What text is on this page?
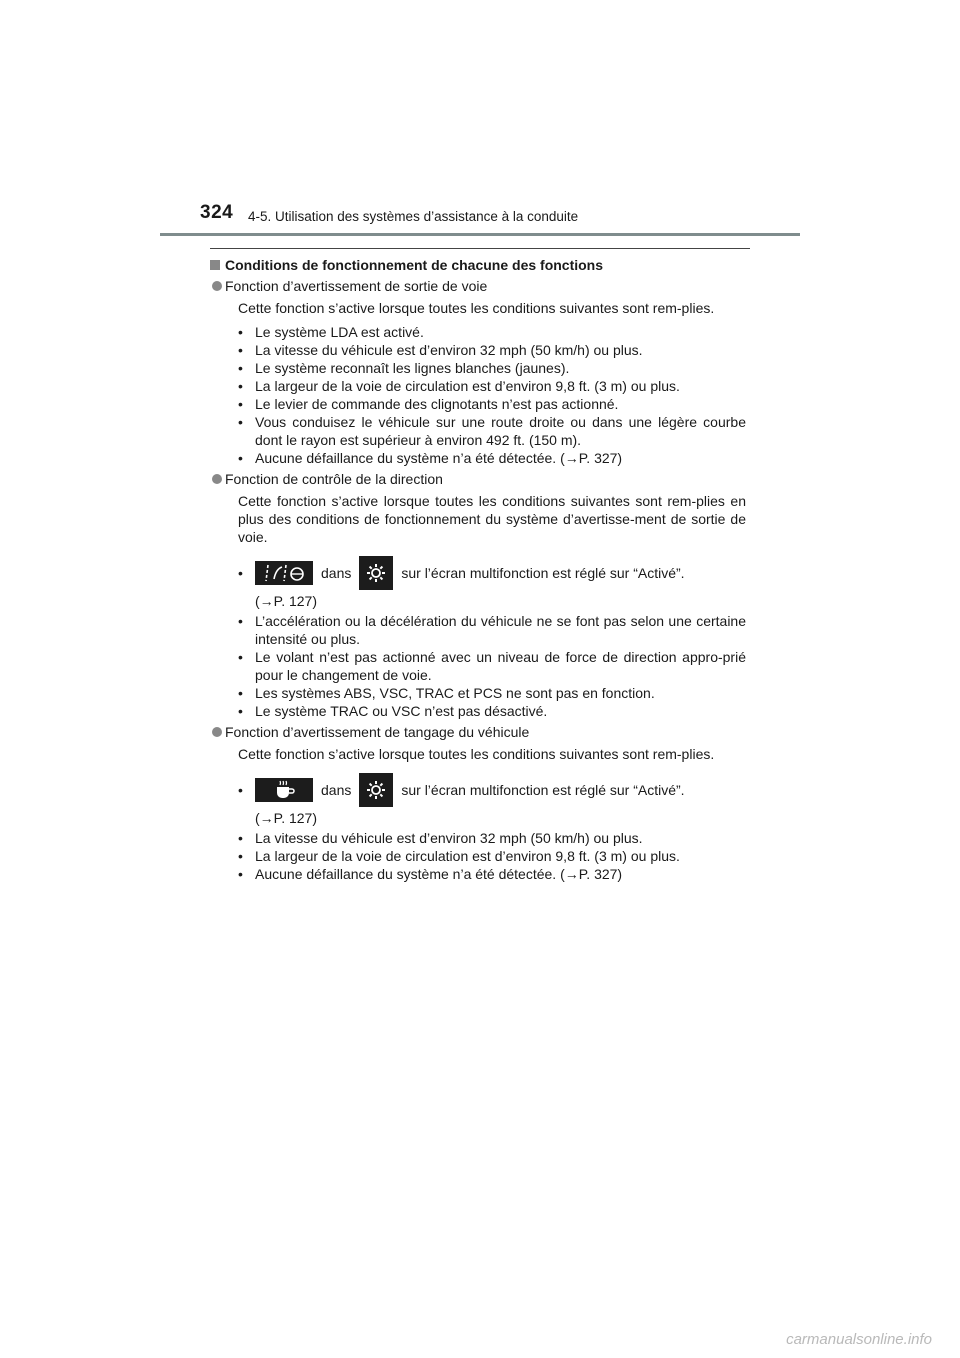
324 4-5. Utilisation des systèmes d’assistance à la conduite
Conditions de fonctionnement de chacune des fonctions
Fonction d’avertissement de sortie de voie
Cette fonction s’active lorsque toutes les conditions suivantes sont rem-plies.
• Le système LDA est activé.
• La vitesse du véhicule est d’environ 32 mph (50 km/h) ou plus.
• Le système reconnaît les lignes blanches (jaunes).
• La largeur de la voie de circulation est d’environ 9,8 ft. (3 m) ou plus.
• Le levier de commande des clignotants n’est pas actionné.
• Vous conduisez le véhicule sur une route droite ou dans une légère courbe dont le rayon est supérieur à environ 492 ft. (150 m).
• Aucune défaillance du système n’a été détectée. (→P. 327)
Fonction de contrôle de la direction
Cette fonction s’active lorsque toutes les conditions suivantes sont rem-plies en plus des conditions de fonctionnement du système d’avertisse-ment de sortie de voie.
•	dans	sur l’écran multifonction est réglé sur “Activé”.
(→P. 127)
• L’accélération ou la décélération du véhicule ne se font pas selon une certaine intensité ou plus.
• Le volant n’est pas actionné avec un niveau de force de direction appro-prié pour le changement de voie.
• Les systèmes ABS, VSC, TRAC et PCS ne sont pas en fonction.
• Le système TRAC ou VSC n’est pas désactivé.
Fonction d’avertissement de tangage du véhicule
Cette fonction s’active lorsque toutes les conditions suivantes sont rem-plies.
•	dans	sur l’écran multifonction est réglé sur “Activé”.
(→P. 127)
• La vitesse du véhicule est d’environ 32 mph (50 km/h) ou plus.
• La largeur de la voie de circulation est d’environ 9,8 ft. (3 m) ou plus.
• Aucune défaillance du système n’a été détectée. (→P. 327)
carmanualsonline.info
